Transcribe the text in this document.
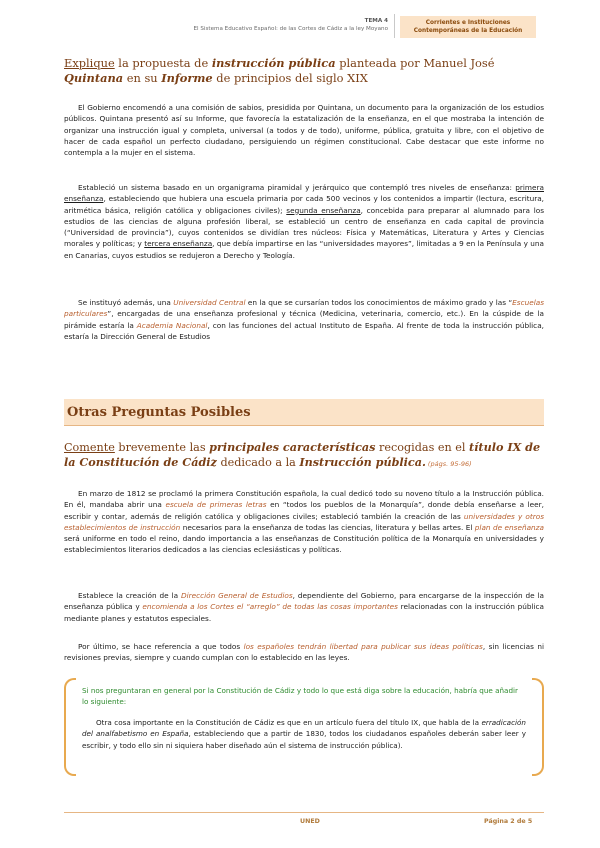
TEMA 4
El Sistema Educativo Español: de las Cortes de Cádiz a la ley Moyano
Corrientes e Instituciones
Contemporáneas de la Educación
Explique la propuesta de instrucción pública planteada por Manuel José Quintana en su Informe de principios del siglo XIX

El Gobierno encomendó a una comisión de sabios, presidida por Quintana, un documento para la organización de los estudios públicos. Quintana presentó así su Informe, que favorecía la estatalización de la enseñanza, en el que mostraba la intención de organizar una instrucción igual y completa, universal (a todos y de todo), uniforme, pública, gratuita y libre, con el objetivo de hacer de cada español un perfecto ciudadano, persiguiendo un régimen constitucional. Cabe destacar que este informe no contempla a la mujer en el sistema.

Estableció un sistema basado en un organigrama piramidal y jerárquico que contempló tres niveles de enseñanza: primera enseñanza, estableciendo que hubiera una escuela primaria por cada 500 vecinos y los contenidos a impartir (lectura, escritura, aritmética básica, religión católica y obligaciones civiles); segunda enseñanza, concebida para preparar al alumnado para los estudios de las ciencias de alguna profesión liberal, se estableció un centro de enseñanza en cada capital de provincia (“Universidad de provincia”), cuyos contenidos se dividían tres núcleos: Física y Matemáticas, Literatura y Artes y Ciencias morales y políticas; y tercera enseñanza, que debía impartirse en las “universidades mayores”, limitadas a 9 en la Península y una en Canarias, cuyos estudios se redujeron a Derecho y Teología.

Se instituyó además, una Universidad Central en la que se cursarían todos los conocimientos de máximo grado y las “Escuelas particulares”, encargadas de una enseñanza profesional y técnica (Medicina, veterinaria, comercio, etc.). En la cúspide de la pirámide estaría la Academia Nacional, con las funciones del actual Instituto de España. Al frente de toda la instrucción pública, estaría la Dirección General de Estudios

Otras Preguntas Posibles
Comente brevemente las principales características recogidas en el título IX de la Constitución de Cádiz dedicado a la Instrucción pública. (págs. 95-96)

En marzo de 1812 se proclamó la primera Constitución española, la cual dedicó todo su noveno título a la Instrucción pública. En él, mandaba abrir una escuela de primeras letras en “todos los pueblos de la Monarquía”, donde debía enseñarse a leer, escribir y contar, además de religión católica y obligaciones civiles; estableció también la creación de las universidades y otros establecimientos de instrucción necesarios para la enseñanza de todas las ciencias, literatura y bellas artes. El plan de enseñanza será uniforme en todo el reino, dando importancia a las enseñanzas de Constitución política de la Monarquía en universidades y establecimientos literarios dedicados a las ciencias eclesiásticas y políticas.

Establece la creación de la Dirección General de Estudios, dependiente del Gobierno, para encargarse de la inspección de la enseñanza pública y encomienda a los Cortes el “arreglo” de todas las cosas importantes relacionadas con la instrucción pública mediante planes y estatutos especiales.

Por último, se hace referencia a que todos los españoles tendrán libertad para publicar sus ideas políticas, sin licencias ni revisiones previas, siempre y cuando cumplan con lo establecido en las leyes.

Si nos preguntaran en general por la Constitución de Cádiz y todo lo que está diga sobre la educación, habría que añadir lo siguiente:

Otra cosa importante en la Constitución de Cádiz es que en un artículo fuera del título IX, que habla de la erradicación del analfabetismo en España, estableciendo que a partir de 1830, todos los ciudadanos españoles deberán saber leer y escribir, y todo ello sin ni siquiera haber diseñado aún el sistema de instrucción pública).

UNED	Página 2 de 5
